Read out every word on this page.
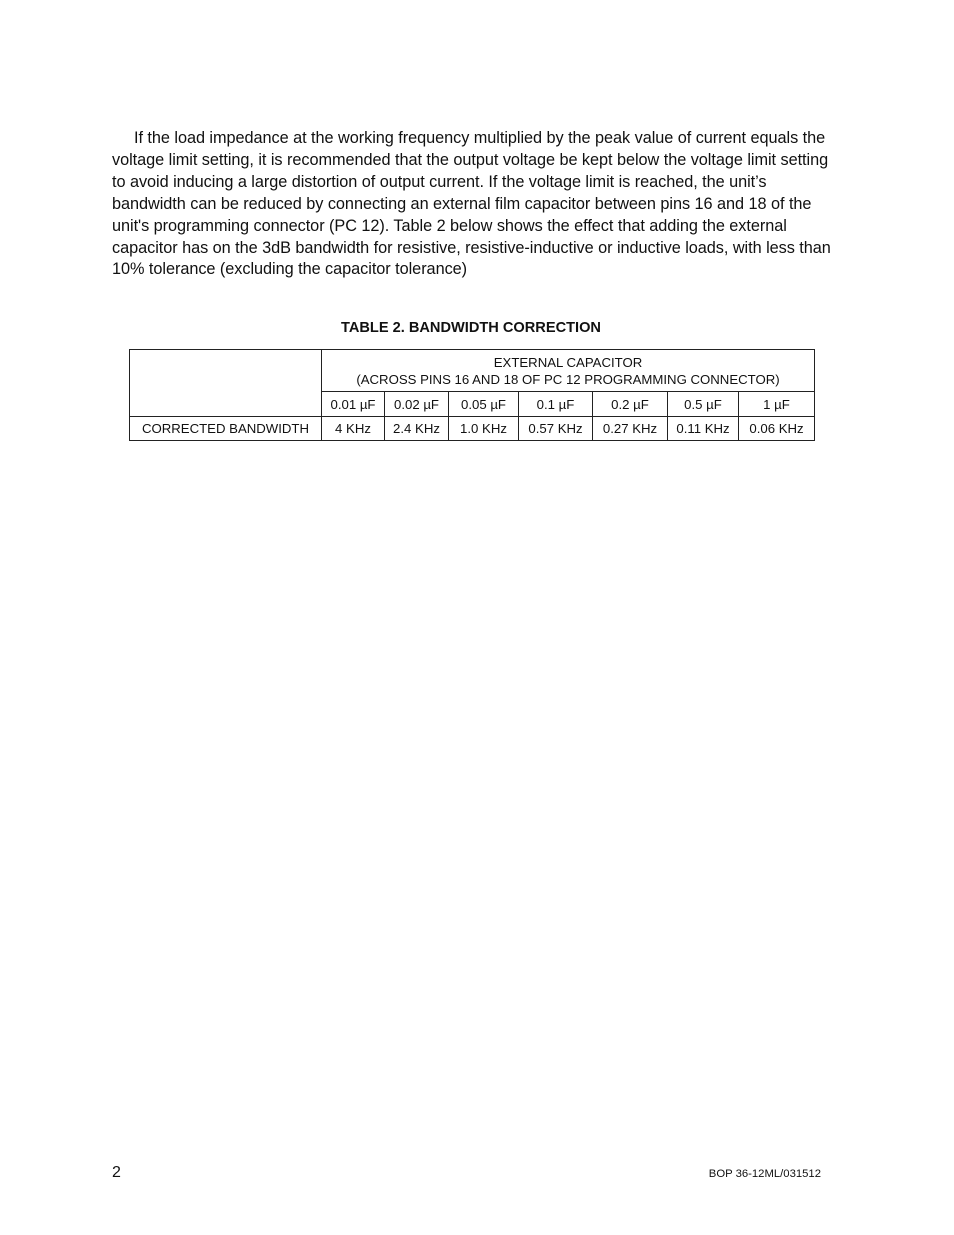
If the load impedance at the working frequency multiplied by the peak value of current equals the voltage limit setting, it is recommended that the output voltage be kept below the voltage limit setting to avoid inducing a large distortion of output current. If the voltage limit is reached, the unit’s bandwidth can be reduced by connecting an external film capacitor between pins 16 and 18 of the unit's programming connector (PC 12). Table 2 below shows the effect that adding the external capacitor has on the 3dB bandwidth for resistive, resistive-inductive or inductive loads, with less than 10% tolerance (excluding the capacitor tolerance)

TABLE 2. BANDWIDTH CORRECTION
	EXTERNAL CAPACITOR
(ACROSS PINS 16 AND 18 OF PC 12 PROGRAMMING CONNECTOR)						
	0.01 µF	0.02 µF	0.05 µF	0.1 µF	0.2 µF	0.5 µF	1 µF
CORRECTED BANDWIDTH	4 KHz	2.4 KHz	1.0 KHz	0.57 KHz	0.27 KHz	0.11 KHz	0.06 KHz
2	BOP 36-12ML/031512
